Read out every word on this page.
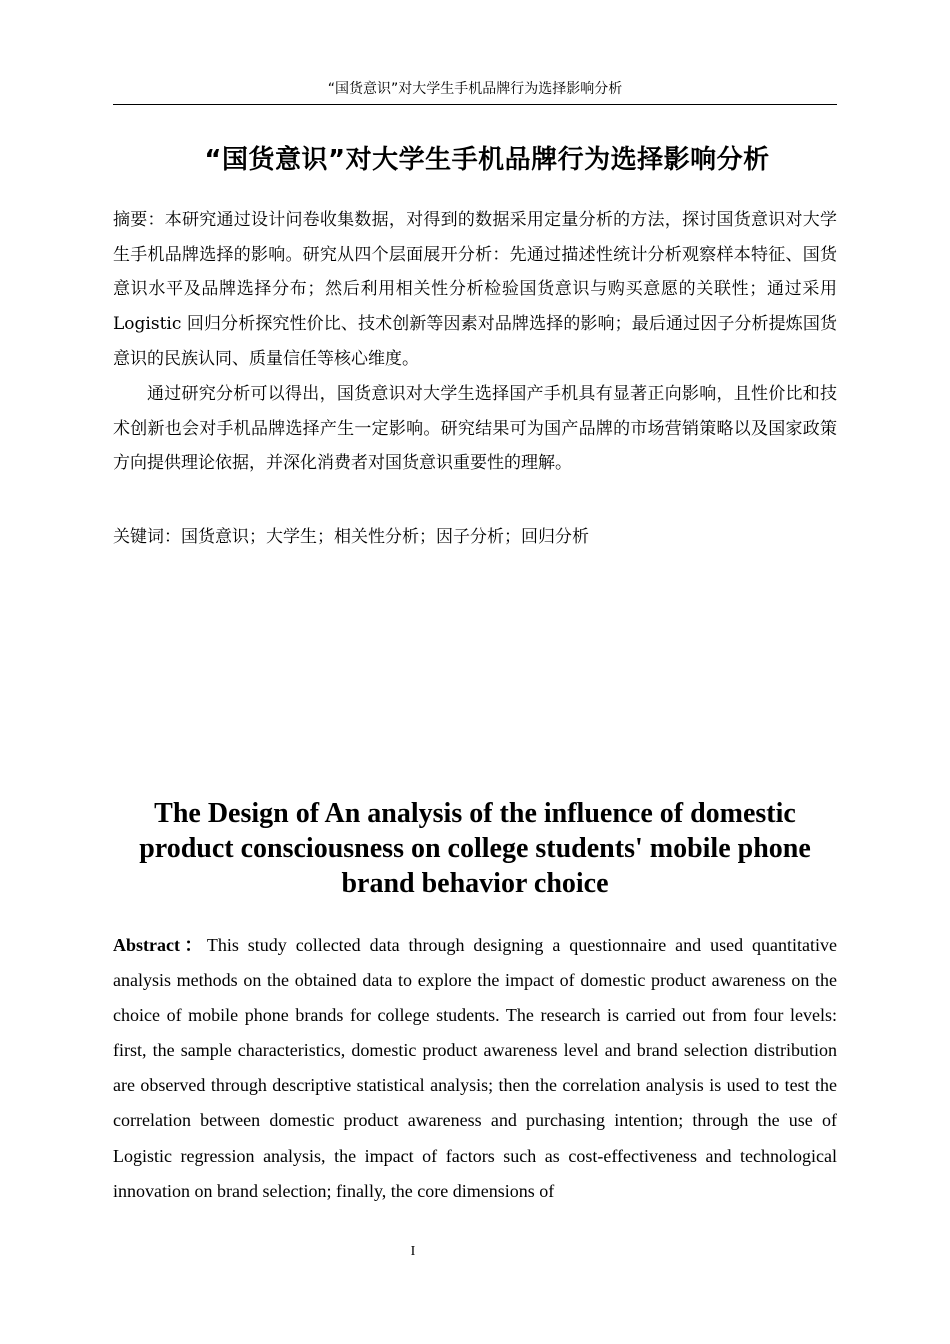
“国货意识”对大学生手机品牌行为选择影响分析
“国货意识”对大学生手机品牌行为选择影响分析
摘要：本研究通过设计问卷收集数据，对得到的数据采用定量分析的方法，探讨国货意识对大学生手机品牌选择的影响。研究从四个层面展开分析：先通过描述性统计分析观察样本特征、国货意识水平及品牌选择分布；然后利用相关性分析检验国货意识与购买意愿的关联性；通过采用 Logistic 回归分析探究性价比、技术创新等因素对品牌选择的影响；最后通过因子分析提炼国货意识的民族认同、质量信任等核心维度。
通过研究分析可以得出，国货意识对大学生选择国产手机具有显著正向影响，且性价比和技术创新也会对手机品牌选择产生一定影响。研究结果可为国产品牌的市场营销策略以及国家政策方向提供理论依据，并深化消费者对国货意识重要性的理解。
关键词：国货意识；大学生；相关性分析；因子分析；回归分析
The Design of An analysis of the influence of domestic
product consciousness on college students' mobile phone
brand behavior choice
Abstract：This study collected data through designing a questionnaire and used quantitative analysis methods on the obtained data to explore the impact of domestic product awareness on the choice of mobile phone brands for college students. The research is carried out from four levels: first, the sample characteristics, domestic product awareness level and brand selection distribution are observed through descriptive statistical analysis; then the correlation analysis is used to test the correlation between domestic product awareness and purchasing intention; through the use of Logistic regression analysis, the impact of factors such as cost-effectiveness and technological innovation on brand selection; finally, the core dimensions of
I
